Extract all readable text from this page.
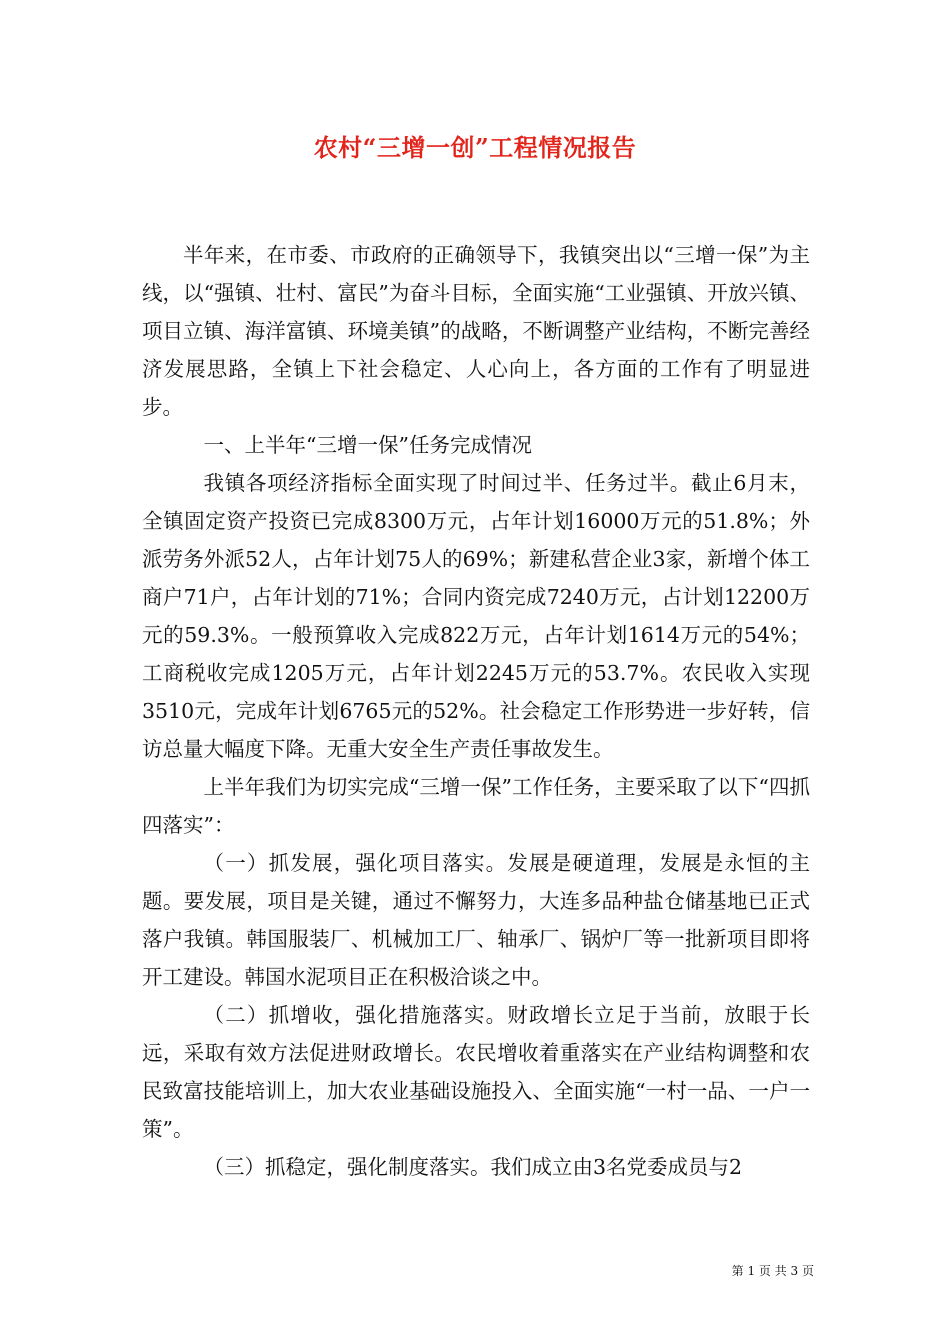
农村“三增一创”工程情况报告

半年来，在市委、市政府的正确领导下，我镇突出以“三增一保”为主线，以“强镇、壮村、富民”为奋斗目标，全面实施“工业强镇、开放兴镇、项目立镇、海洋富镇、环境美镇”的战略，不断调整产业结构，不断完善经济发展思路，全镇上下社会稳定、人心向上，各方面的工作有了明显进步。

一、上半年“三增一保”任务完成情况

我镇各项经济指标全面实现了时间过半、任务过半。截止6月末，全镇固定资产投资已完成8300万元，占年计划16000万元的51.8%；外派劳务外派52人，占年计划75人的69%；新建私营企业3家，新增个体工商户71户，占年计划的71%；合同内资完成7240万元，占计划12200万元的59.3%。一般预算收入完成822万元，占年计划1614万元的54%；工商税收完成1205万元，占年计划2245万元的53.7%。农民收入实现3510元，完成年计划6765元的52%。社会稳定工作形势进一步好转，信访总量大幅度下降。无重大安全生产责任事故发生。

上半年我们为切实完成“三增一保”工作任务，主要采取了以下“四抓四落实”：

（一）抓发展，强化项目落实。发展是硬道理，发展是永恒的主题。要发展，项目是关键，通过不懈努力，大连多品种盐仓储基地已正式落户我镇。韩国服装厂、机械加工厂、轴承厂、锅炉厂等一批新项目即将开工建设。韩国水泥项目正在积极洽谈之中。

（二）抓增收，强化措施落实。财政增长立足于当前，放眼于长远，采取有效方法促进财政增长。农民增收着重落实在产业结构调整和农民致富技能培训上，加大农业基础设施投入、全面实施“一村一品、一户一策”。

（三）抓稳定，强化制度落实。我们成立由3名党委成员与2

第 1 页 共 3 页
